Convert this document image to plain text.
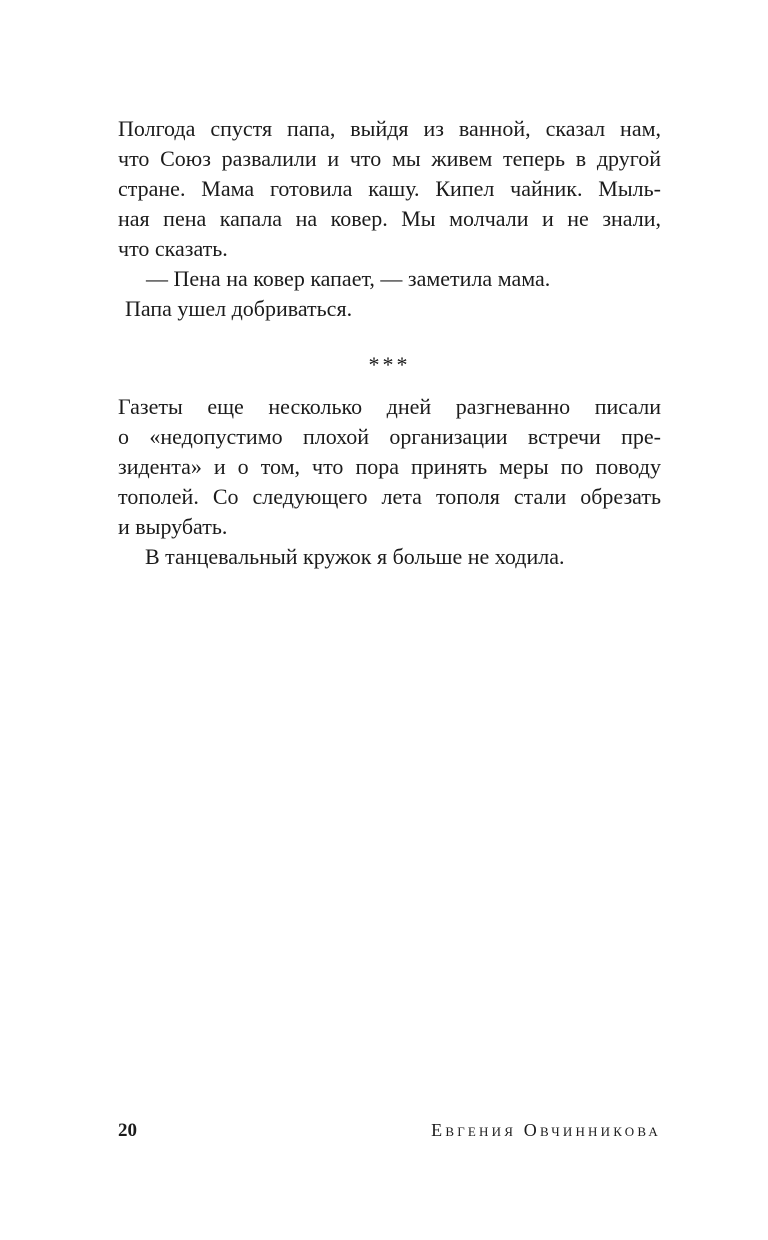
Полгода спустя папа, выйдя из ванной, сказал нам,
что Союз развалили и что мы живем теперь в другой
стране. Мама готовила кашу. Кипел чайник. Мыль-
ная пена капала на ковер. Мы молчали и не знали,
что сказать.
— Пена на ковер капает, — заметила мама.
Папа ушел добриваться.
***
Газеты еще несколько дней разгневанно писали
о «недопустимо плохой организации встречи пре-
зидента» и о том, что пора принять меры по поводу
тополей. Со следующего лета тополя стали обрезать
и вырубать.
В танцевальный кружок я больше не ходила.
20	Евгения Овчинникова
